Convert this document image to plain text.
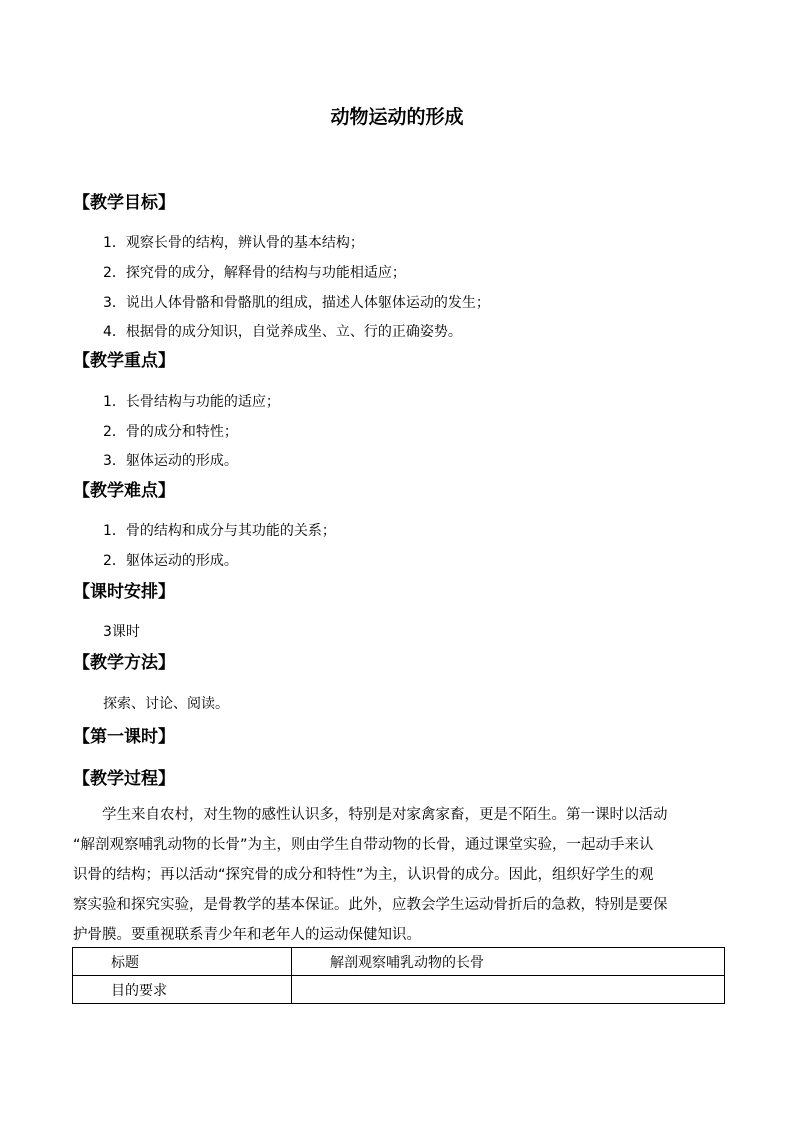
动物运动的形成
【教学目标】
1．观察长骨的结构，辨认骨的基本结构；
2．探究骨的成分，解释骨的结构与功能相适应；
3．说出人体骨骼和骨骼肌的组成，描述人体躯体运动的发生；
4．根据骨的成分知识，自觉养成坐、立、行的正确姿势。
【教学重点】
1．长骨结构与功能的适应；
2．骨的成分和特性；
3．躯体运动的形成。
【教学难点】
1．骨的结构和成分与其功能的关系；
2．躯体运动的形成。
【课时安排】
3课时
【教学方法】
探索、讨论、阅读。
【第一课时】
【教学过程】
学生来自农村，对生物的感性认识多，特别是对家禽家畜，更是不陌生。第一课时以活动
“解剖观察哺乳动物的长骨”为主，则由学生自带动物的长骨，通过课堂实验，一起动手来认
识骨的结构；再以活动“探究骨的成分和特性”为主，认识骨的成分。因此，组织好学生的观
察实验和探究实验，是骨教学的基本保证。此外，应教会学生运动骨折后的急救，特别是要保
护骨膜。要重视联系青少年和老年人的运动保健知识。
标题	解剖观察哺乳动物的长骨
目的要求	
